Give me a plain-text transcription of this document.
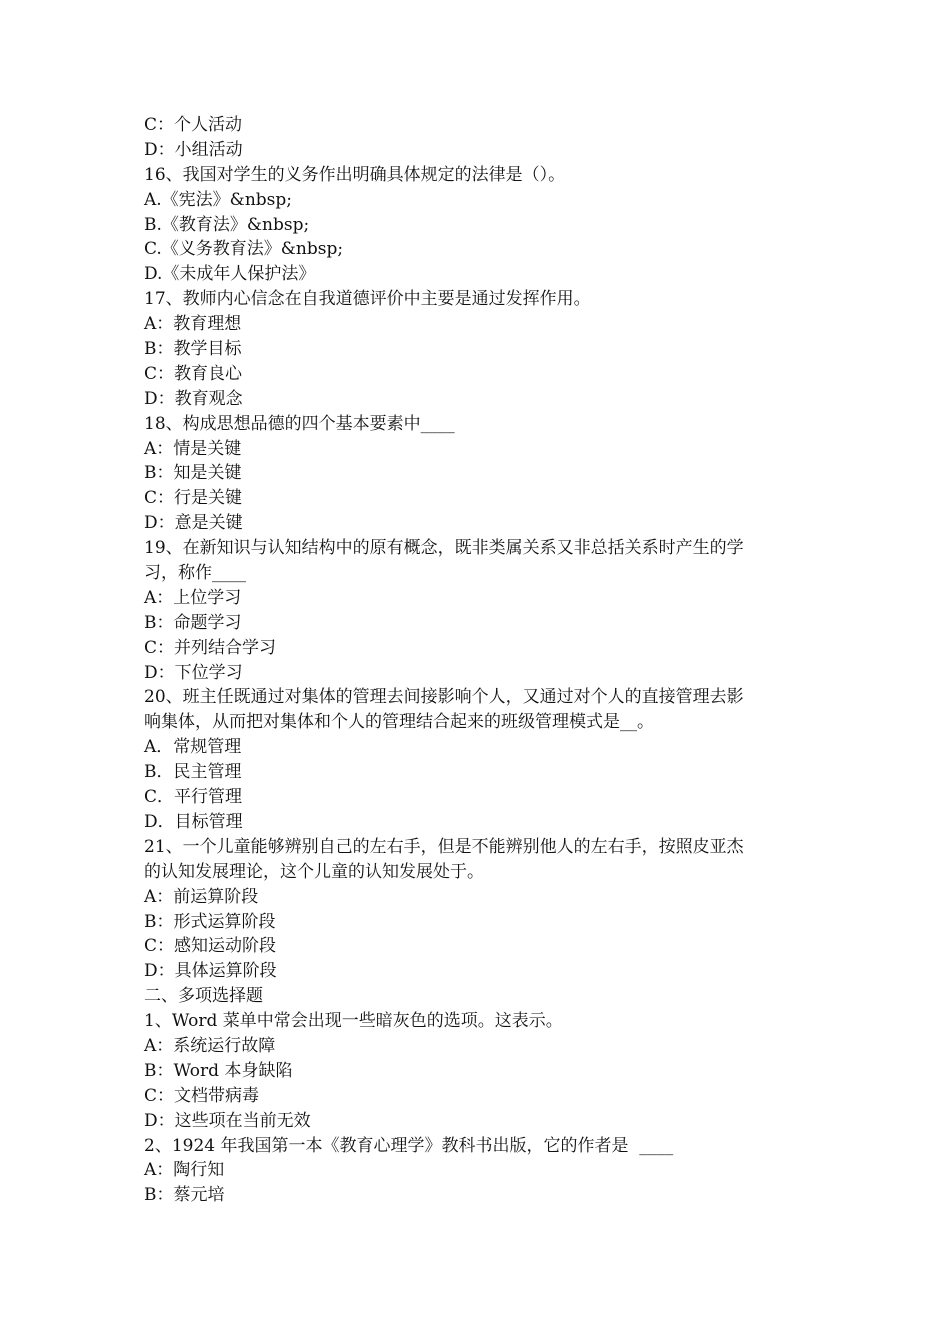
C：个人活动
D：小组活动
16、我国对学生的义务作出明确具体规定的法律是（）。
A.《宪法》&nbsp;
B.《教育法》&nbsp;
C.《义务教育法》&nbsp;
D.《未成年人保护法》
17、教师内心信念在自我道德评价中主要是通过发挥作用。
A：教育理想
B：教学目标
C：教育良心
D：教育观念
18、构成思想品德的四个基本要素中____
A：情是关键
B：知是关键
C：行是关键
D：意是关键
19、在新知识与认知结构中的原有概念，既非类属关系又非总括关系时产生的学
习，称作____
A：上位学习
B：命题学习
C：并列结合学习
D：下位学习
20、班主任既通过对集体的管理去间接影响个人，又通过对个人的直接管理去影
响集体，从而把对集体和个人的管理结合起来的班级管理模式是__。
A．常规管理
B．民主管理
C．平行管理
D．目标管理
21、一个儿童能够辨别自己的左右手，但是不能辨别他人的左右手，按照皮亚杰
的认知发展理论，这个儿童的认知发展处于。
A：前运算阶段
B：形式运算阶段
C：感知运动阶段
D：具体运算阶段
二、多项选择题
1、Word 菜单中常会出现一些暗灰色的选项。这表示。
A：系统运行故障
B：Word 本身缺陷
C：文档带病毒
D：这些项在当前无效
2、1924 年我国第一本《教育心理学》教科书出版，它的作者是  ____
A：陶行知
B：蔡元培
